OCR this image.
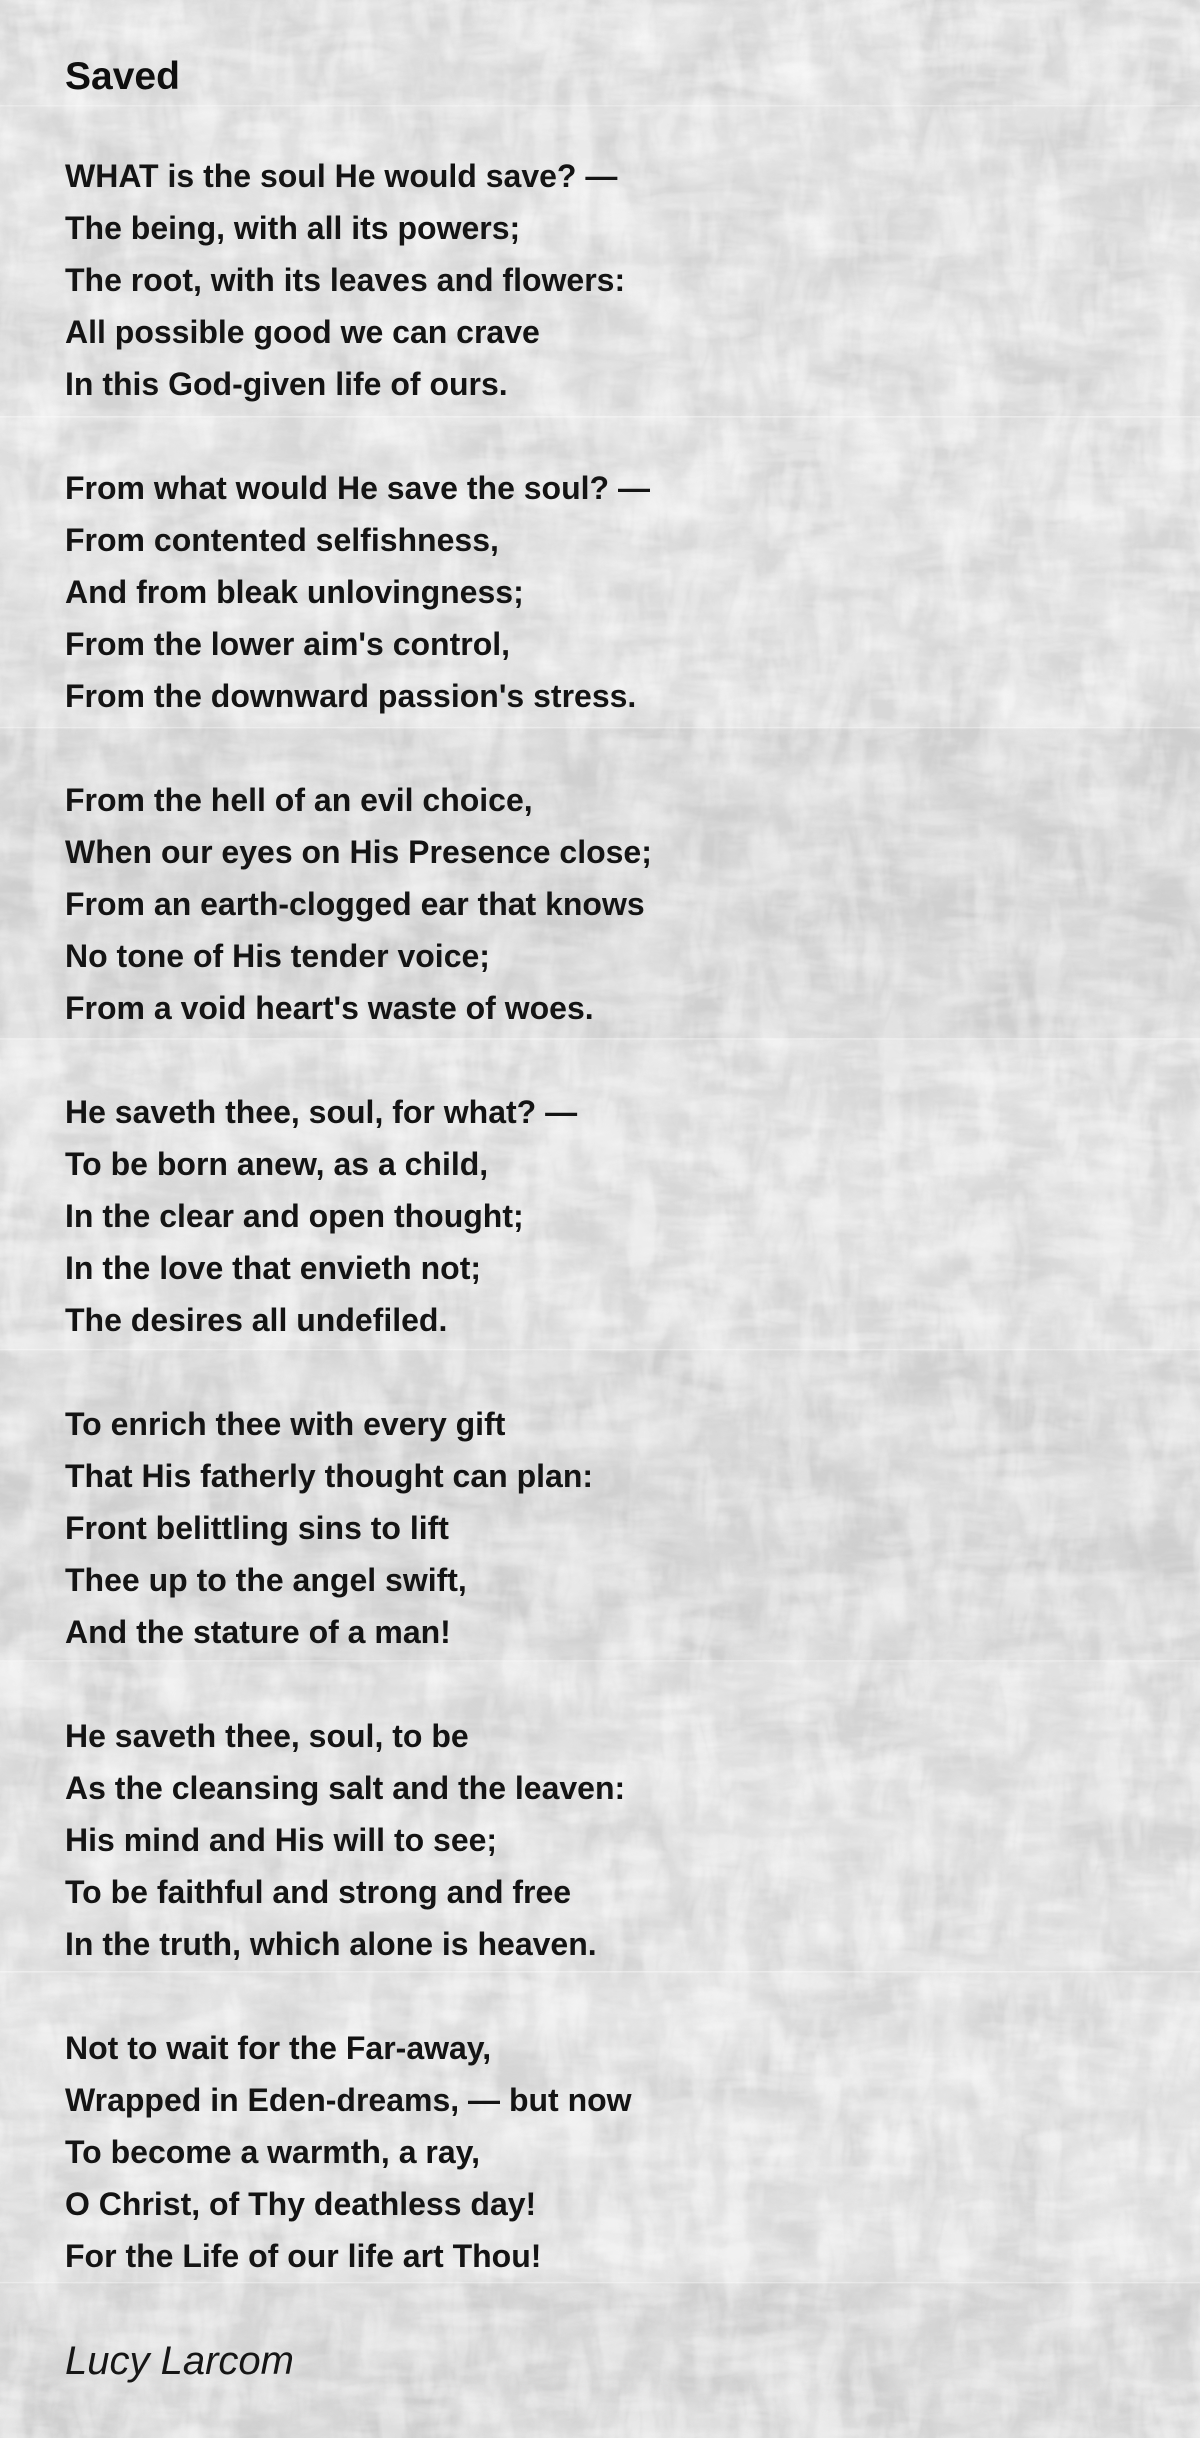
Saved
WHAT is the soul He would save? —
The being, with all its powers;
The root, with its leaves and flowers:
All possible good we can crave
In this God-given life of ours.
From what would He save the soul? —
From contented selfishness,
And from bleak unlovingness;
From the lower aim's control,
From the downward passion's stress.
From the hell of an evil choice,
When our eyes on His Presence close;
From an earth-clogged ear that knows
No tone of His tender voice;
From a void heart's waste of woes.
He saveth thee, soul, for what? —
To be born anew, as a child,
In the clear and open thought;
In the love that envieth not;
The desires all undefiled.
To enrich thee with every gift
That His fatherly thought can plan:
Front belittling sins to lift
Thee up to the angel swift,
And the stature of a man!
He saveth thee, soul, to be
As the cleansing salt and the leaven:
His mind and His will to see;
To be faithful and strong and free
In the truth, which alone is heaven.
Not to wait for the Far-away,
Wrapped in Eden-dreams, — but now
To become a warmth, a ray,
O Christ, of Thy deathless day!
For the Life of our life art Thou!
Lucy Larcom
